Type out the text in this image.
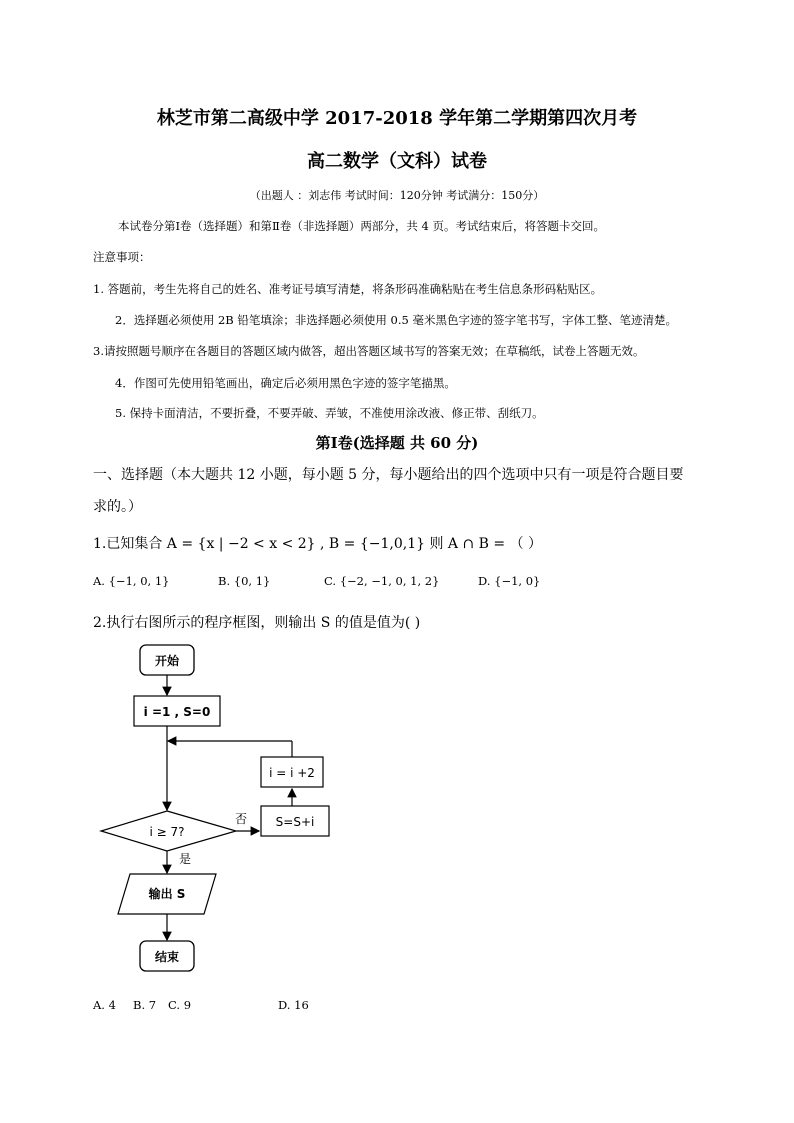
林芝市第二高级中学 2017-2018 学年第二学期第四次月考
高二数学（文科）试卷
（出题人 ：刘志伟 考试时间：120分钟 考试满分：150分）
本试卷分第Ⅰ卷（选择题）和第Ⅱ卷（非选择题）两部分，共 4 页。考试结束后，将答题卡交回。
注意事项：
1. 答题前，考生先将自己的姓名、准考证号填写清楚，将条形码准确粘贴在考生信息条形码粘贴区。
2．选择题必须使用 2B 铅笔填涂；非选择题必须使用 0.5 毫米黑色字迹的签字笔书写，字体工整、笔迹清楚。
3.请按照题号顺序在各题目的答题区域内做答，超出答题区域书写的答案无效；在草稿纸，试卷上答题无效。
4．作图可先使用铅笔画出，确定后必须用黑色字迹的签字笔描黑。
5. 保持卡面清洁，不要折叠，不要弄破、弄皱，不准使用涂改液、修正带、刮纸刀。
第Ⅰ卷(选择题 共 60 分)
一、选择题（本大题共 12 小题，每小题 5 分，每小题给出的四个选项中只有一项是符合题目要
求的。）
1.已知集合 A = {x | −2 < x < 2} , B = {−1,0,1} 则 A ∩ B = （ ）
A. {−1, 0, 1}	B. {0, 1}	C. {−2, −1, 0, 1, 2}	D. {−1, 0}
2.执行右图所示的程序框图，则输出 S 的值是值为( )
开始
i =1 , S=0
i = i +2
i ≥ 7?
否 S=S+i
是
输出 S
结束
A. 4 B. 7 C. 9	D. 16
